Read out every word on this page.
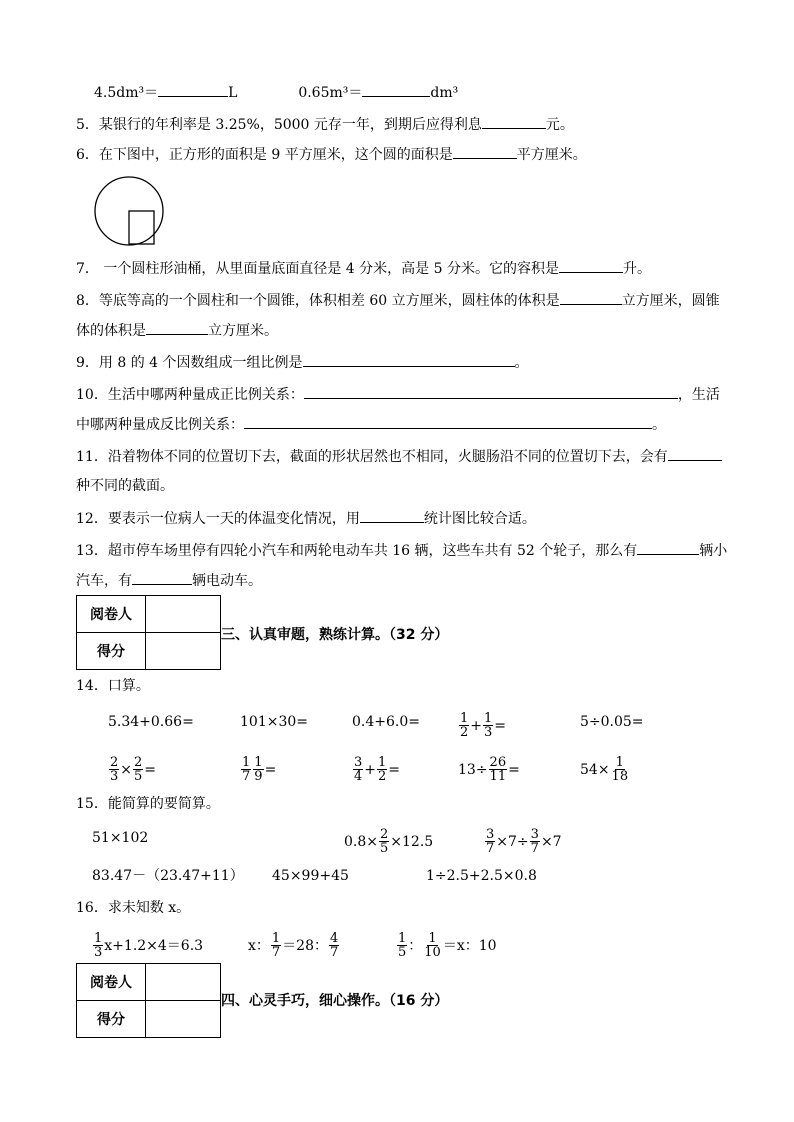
4.5dm³＝	L	0.65m³＝	dm³
5．某银行的年利率是 3.25%，5000 元存一年，到期后应得利息	元。
6．在下图中，正方形的面积是 9 平方厘米，这个圆的面积是	平方厘米。
7． 一个圆柱形油桶，从里面量底面直径是 4 分米，高是 5 分米。它的容积是	升。
8．等底等高的一个圆柱和一个圆锥，体积相差 60 立方厘米，圆柱体的体积是	立方厘米，圆锥
体的体积是	立方厘米。
9．用 8 的 4 个因数组成一组比例是	。
10．生活中哪两种量成正比例关系：	，生活
中哪两种量成反比例关系：	。
11．沿着物体不同的位置切下去，截面的形状居然也不相同，火腿肠沿不同的位置切下去，会有
种不同的截面。
12．要表示一位病人一天的体温变化情况，用	统计图比较合适。
13．超市停车场里停有四轮小汽车和两轮电动车共 16 辆，这些车共有 52 个轮子，那么有	辆小
汽车，有	辆电动车。
阅卷人	
得分	
三、认真审题，熟练计算。（32 分）
14．口算。
5.34+0.66=	101×30=	0.4+6.0=	$\frac{1}{2} + \frac{1}{3}$ =	5÷0.05=
$\frac{2}{3} \times \frac{2}{5}$ =	$\frac{1}{7} \frac{1}{9}$ =	$\frac{3}{4} + \frac{1}{2}$ =	$13\div \frac{26}{11}$ =	$54\times \frac{1}{18}$
15．能简算的要简算。
51×102	$0.8\times \frac{2}{5} \times 12.5$	$\frac{3}{7} \times 7\div \frac{3}{7} \times 7$
83.47－（23.47+11） 45×99+45	1÷2.5+2.5×0.8
16．求未知数 x。
$\frac{1}{3} x+1.2\times 4=6.3$	x： $\frac{1}{7} =28$： $\frac{4}{7}$	$\frac{1}{5}$ ： $\frac{1}{10} =x$：10
阅卷人	
得分	
四、心灵手巧，细心操作。（16 分）
